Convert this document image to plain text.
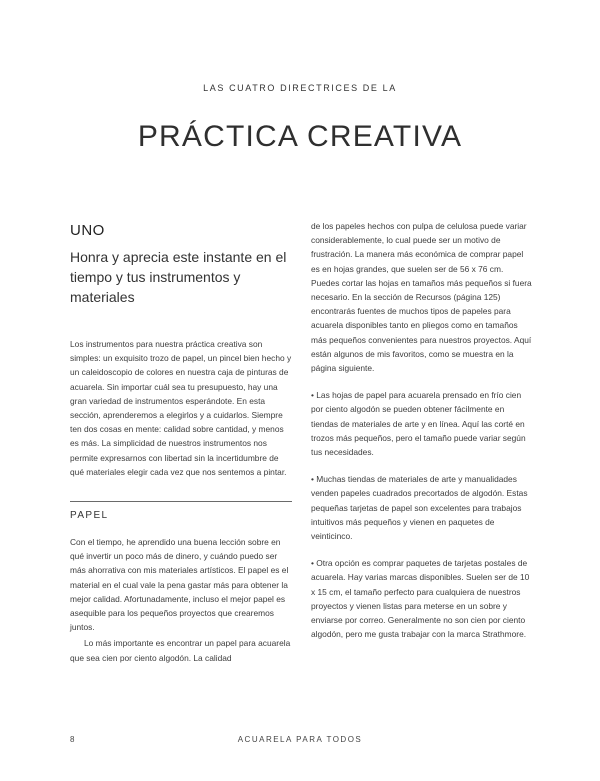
LAS CUATRO DIRECTRICES DE LA
PRÁCTICA CREATIVA
UNO
Honra y aprecia este instante en el tiempo y tus instrumentos y materiales

Los instrumentos para nuestra práctica creativa son simples: un exquisito trozo de papel, un pincel bien hecho y un caleidoscopio de colores en nuestra caja de pinturas de acuarela. Sin importar cuál sea tu presupuesto, hay una gran variedad de instrumentos esperándote. En esta sección, aprenderemos a elegirlos y a cuidarlos. Siempre ten dos cosas en mente: calidad sobre cantidad, y menos es más. La simplicidad de nuestros instrumentos nos permite expresarnos con libertad sin la incertidumbre de qué materiales elegir cada vez que nos sentemos a pintar.

PAPEL

Con el tiempo, he aprendido una buena lección sobre en qué invertir un poco más de dinero, y cuándo puedo ser más ahorrativa con mis materiales artísticos. El papel es el material en el cual vale la pena gastar más para obtener la mejor calidad. Afortunadamente, incluso el mejor papel es asequible para los pequeños proyectos que crearemos juntos.

Lo más importante es encontrar un papel para acuarela que sea cien por ciento algodón. La calidad

de los papeles hechos con pulpa de celulosa puede variar considerablemente, lo cual puede ser un motivo de frustración. La manera más económica de comprar papel es en hojas grandes, que suelen ser de 56 x 76 cm. Puedes cortar las hojas en tamaños más pequeños si fuera necesario. En la sección de Recursos (página 125) encontrarás fuentes de muchos tipos de papeles para acuarela disponibles tanto en pliegos como en tamaños más pequeños convenientes para nuestros proyectos. Aquí están algunos de mis favoritos, como se muestra en la página siguiente.

• Las hojas de papel para acuarela prensado en frío cien por ciento algodón se pueden obtener fácilmente en tiendas de materiales de arte y en línea. Aquí las corté en trozos más pequeños, pero el tamaño puede variar según tus necesidades.

• Muchas tiendas de materiales de arte y manualidades venden papeles cuadrados precortados de algodón. Estas pequeñas tarjetas de papel son excelentes para trabajos intuitivos más pequeños y vienen en paquetes de veinticinco.

• Otra opción es comprar paquetes de tarjetas postales de acuarela. Hay varias marcas disponibles. Suelen ser de 10 x 15 cm, el tamaño perfecto para cualquiera de nuestros proyectos y vienen listas para meterse en un sobre y enviarse por correo. Generalmente no son cien por ciento algodón, pero me gusta trabajar con la marca Strathmore.

8	ACUARELA PARA TODOS
